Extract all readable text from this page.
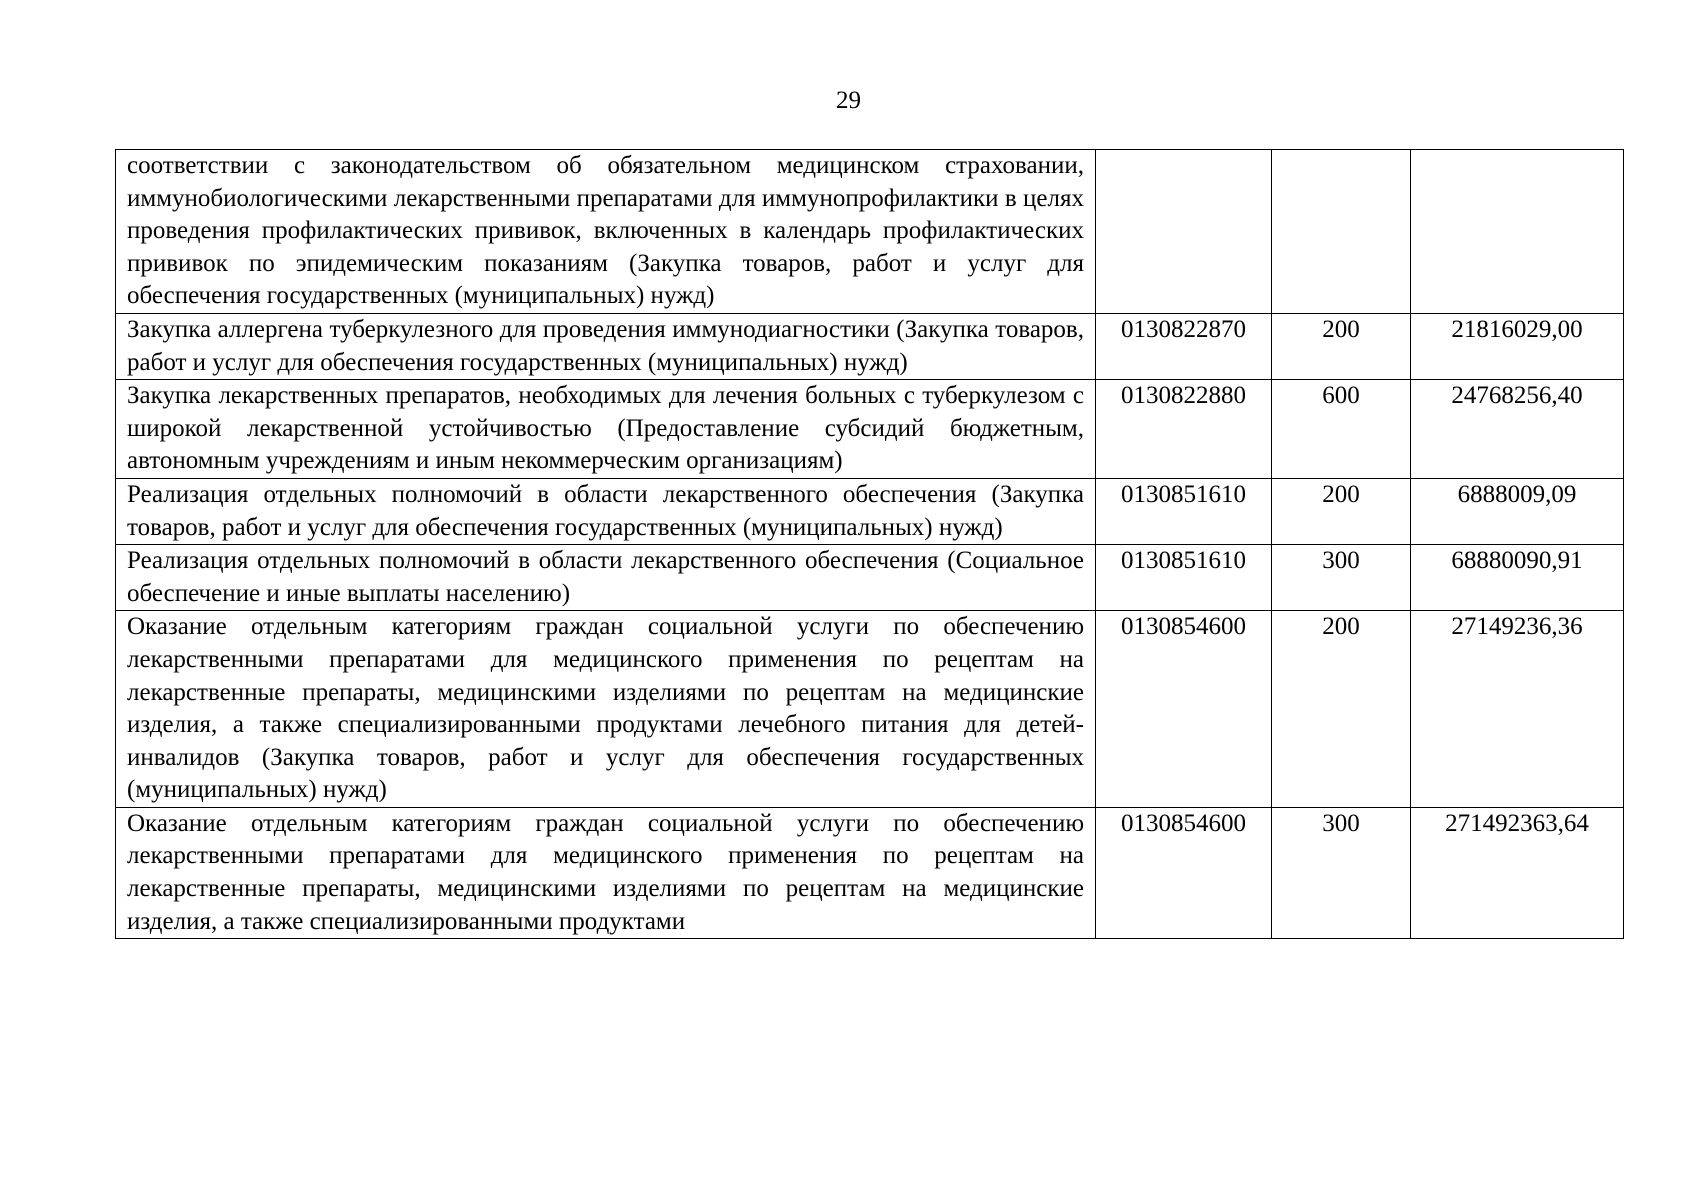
29
соответствии с законодательством об обязательном медицинском страховании, иммунобиологическими лекарственными препаратами для иммунопрофилактики в целях проведения профилактических прививок, включенных в календарь профилактических прививок по эпидемическим показаниям (Закупка товаров, работ и услуг для обеспечения государственных (муниципальных) нужд)			
Закупка аллергена туберкулезного для проведения иммунодиагностики (Закупка товаров, работ и услуг для обеспечения государственных (муниципальных) нужд)	0130822870	200	21816029,00
Закупка лекарственных препаратов, необходимых для лечения больных с туберкулезом с широкой лекарственной устойчивостью (Предоставление субсидий бюджетным, автономным учреждениям и иным некоммерческим организациям)	0130822880	600	24768256,40
Реализация отдельных полномочий в области лекарственного обеспечения (Закупка товаров, работ и услуг для обеспечения государственных (муниципальных) нужд)	0130851610	200	6888009,09
Реализация отдельных полномочий в области лекарственного обеспечения (Социальное обеспечение и иные выплаты населению)	0130851610	300	68880090,91
Оказание отдельным категориям граждан социальной услуги по обеспечению лекарственными препаратами для медицинского применения по рецептам на лекарственные препараты, медицинскими изделиями по рецептам на медицинские изделия, а также специализированными продуктами лечебного питания для детей-инвалидов (Закупка товаров, работ и услуг для обеспечения государственных (муниципальных) нужд)	0130854600	200	27149236,36
Оказание отдельным категориям граждан социальной услуги по обеспечению лекарственными препаратами для медицинского применения по рецептам на лекарственные препараты, медицинскими изделиями по рецептам на медицинские изделия, а также специализированными продуктами	0130854600	300	271492363,64
